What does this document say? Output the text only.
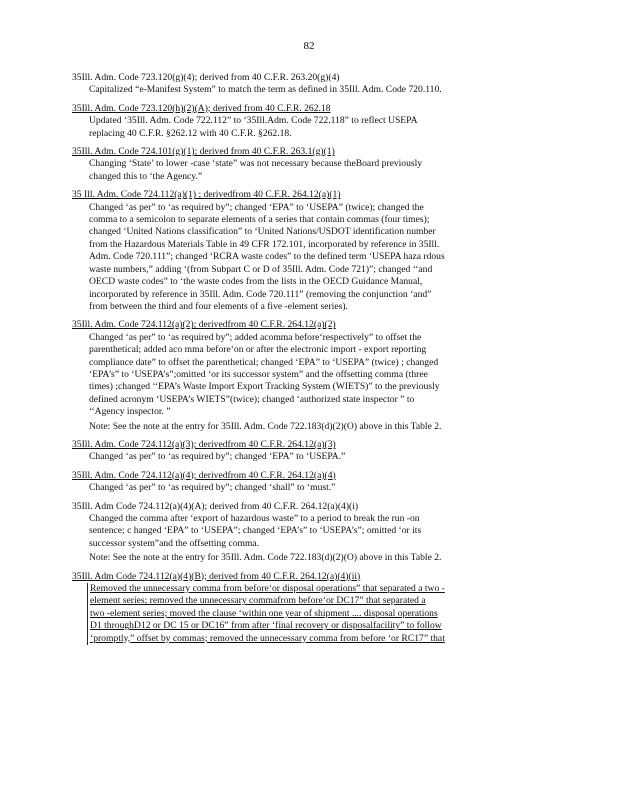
82
35Ill. Adm. Code 723.120(g)(4); derived from 40 C.F.R. 263.20(g)(4)
Capitalized “e-Manifest System” to match the term as defined in 35Ill. Adm. Code 720.110.
35Ill. Adm. Code 723.120(h)(2)(A); derived from 40 C.F.R. 262.18
Updated ‘35Ill. Adm. Code 722.112” to ‘35Ill.Adm. Code 722.118” to reflect USEPA
replacing 40 C.F.R. §262.12 with 40 C.F.R. §262.18.
35Ill. Adm. Code 724.101(g)(1); derived from 40 C.F.R. 263.1(g)(1)
Changing ‘State’ to lower -case ‘state” was not necessary because theBoard previously
changed this to ‘the Agency.”
35 Ill. Adm. Code 724.112(a)(1) ; derivedfrom 40 C.F.R. 264.12(a)(1)
Changed ‘as per” to ‘as required by”; changed ‘EPA” to ‘USEPA” (twice); changed the
comma to a semicolon to separate elements of a series that contain commas (four times);
changed ‘United Nations classification” to ‘United Nations/USDOT identification number
from the Hazardous Materials Table in 49 CFR 172.101, incorporated by reference in 35Ill.
Adm. Code 720.111”; changed ‘RCRA waste codes” to the defined term ‘USEPA haza rdous
waste numbers,” adding ‘(from Subpart C or D of 35Ill. Adm. Code 721)”; changed ‘‘and
OECD waste codes” to ‘the waste codes from the lists in the OECD Guidance Manual,
incorporated by reference in 35Ill. Adm. Code 720.111” (removing the conjunction ‘and”
from between the third and four elements of a five -element series).
35Ill. Adm. Code 724.112(a)(2); derivedfrom 40 C.F.R. 264.12(a)(2)
Changed ‘as per” to ‘as required by”; added acomma before‘respectively” to offset the
parenthetical; added aco mma before‘on or after the electronic import - export reporting
compliance date” to offset the parenthetical; changed ‘EPA” to ‘USEPA” (twice) ; changed
‘EPA’s” to ‘USEPA’s”;omitted ‘or its successor system” and the offsetting comma (three
times) ;changed ‘‘EPA’s Waste Import Export Tracking System (WIETS)” to the previously
defined acronym ‘USEPA’s WIETS”(twice); changed ‘authorized state inspector ” to
‘‘Agency inspector. ”
Note: See the note at the entry for 35Ill. Adm. Code 722.183(d)(2)(O) above in this Table 2.
35Ill. Adm. Code 724.112(a)(3); derivedfrom 40 C.F.R. 264.12(a)(3)
Changed ‘as per” to ‘as required by”; changed ‘EPA” to ‘USEPA.”
35Ill. Adm. Code 724.112(a)(4); derivedfrom 40 C.F.R. 264.12(a)(4)
Changed ‘as per” to ‘as required by”; changed ‘shall” to ‘must.”
35Ill. Adm Code 724.112(a)(4)(A); derived from 40 C.F.R. 264.12(a)(4)(i)
Changed the comma after ‘export of hazardous waste” to a period to break the run -on
sentence; c hanged ‘EPA” to ‘USEPA”; changed ‘EPA’s” to ‘USEPA’s”; omitted ‘or its
successor system”and the offsetting comma.
Note: See the note at the entry for 35Ill. Adm. Code 722.183(d)(2)(O) above in this Table 2.
35Ill. Adm Code 724.112(a)(4)(B); derived from 40 C.F.R. 264.12(a)(4)(ii)
Removed the unnecessary comma from before‘or disposal operations” that separated a two -
element series; removed the unnecessary commafrom before‘or DC17” that separated a
two -element series; moved the clause ‘within one year of shipment .... disposal operations
D1 throughD12 or DC 15 or DC16” from after ‘final recovery or disposalfacility” to follow
‘promptly,” offset by commas; removed the unnecessary comma from before ‘or RC17” that
